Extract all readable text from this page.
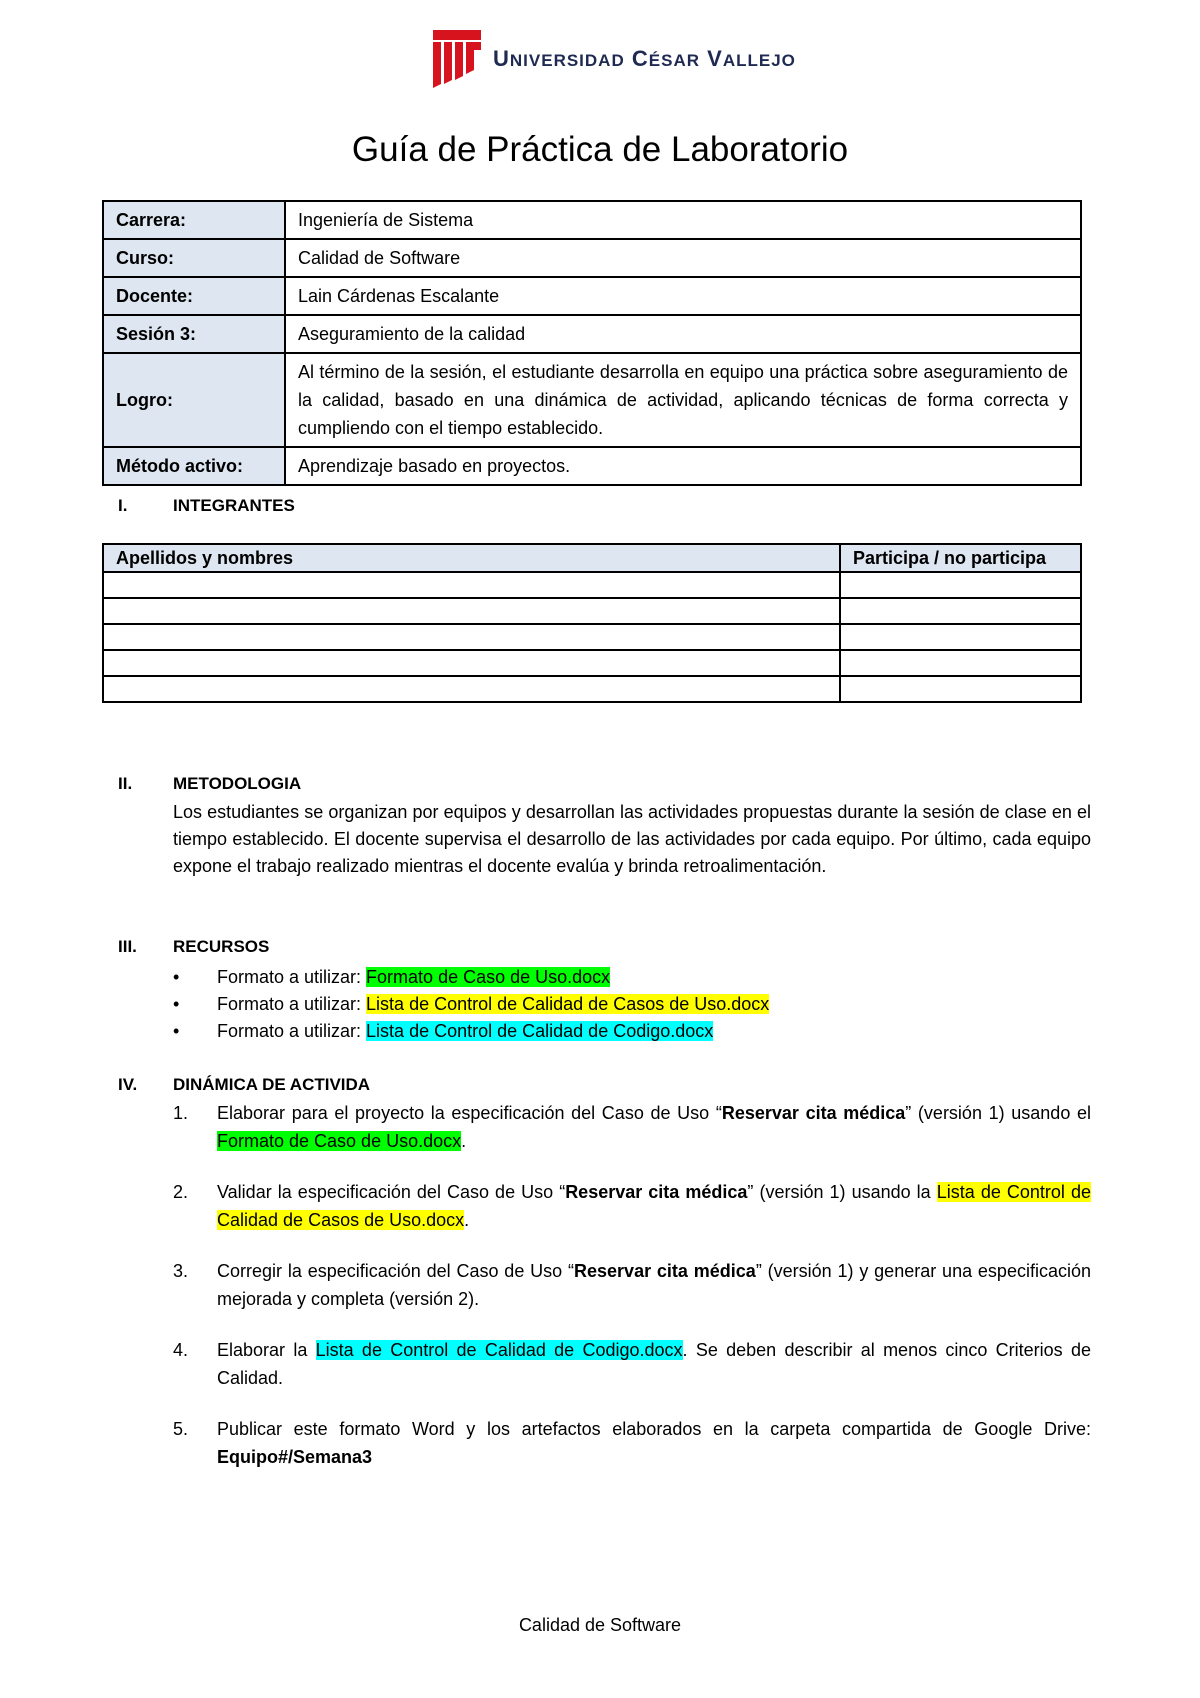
UNIVERSIDAD CÉSAR VALLEJO
Guía de Práctica de Laboratorio
Carrera:	Ingeniería de Sistema
Curso:	Calidad de Software
Docente:	Lain Cárdenas Escalante
Sesión 3:	Aseguramiento de la calidad
Logro:	Al término de la sesión, el estudiante desarrolla en equipo una práctica sobre aseguramiento de la calidad, basado en una dinámica de actividad, aplicando técnicas de forma correcta y cumpliendo con el tiempo establecido.
Método activo:	Aprendizaje basado en proyectos.
I.	INTEGRANTES
Apellidos y nombres	Participa / no participa

II. METODOLOGIA
Los estudiantes se organizan por equipos y desarrollan las actividades propuestas durante la sesión de clase en el tiempo establecido. El docente supervisa el desarrollo de las actividades por cada equipo. Por último, cada equipo expone el trabajo realizado mientras el docente evalúa y brinda retroalimentación.
III. RECURSOS
• Formato a utilizar: Formato de Caso de Uso.docx
• Formato a utilizar: Lista de Control de Calidad de Casos de Uso.docx
• Formato a utilizar: Lista de Control de Calidad de Codigo.docx
IV. DINÁMICA DE ACTIVIDA
1. Elaborar para el proyecto la especificación del Caso de Uso “Reservar cita médica” (versión 1) usando el Formato de Caso de Uso.docx.
2. Validar la especificación del Caso de Uso “Reservar cita médica” (versión 1) usando la Lista de Control de Calidad de Casos de Uso.docx.
3. Corregir la especificación del Caso de Uso “Reservar cita médica” (versión 1) y generar una especificación mejorada y completa (versión 2).
4. Elaborar la Lista de Control de Calidad de Codigo.docx. Se deben describir al menos cinco Criterios de Calidad.
5. Publicar este formato Word y los artefactos elaborados en la carpeta compartida de Google Drive: Equipo#/Semana3
Calidad de Software
